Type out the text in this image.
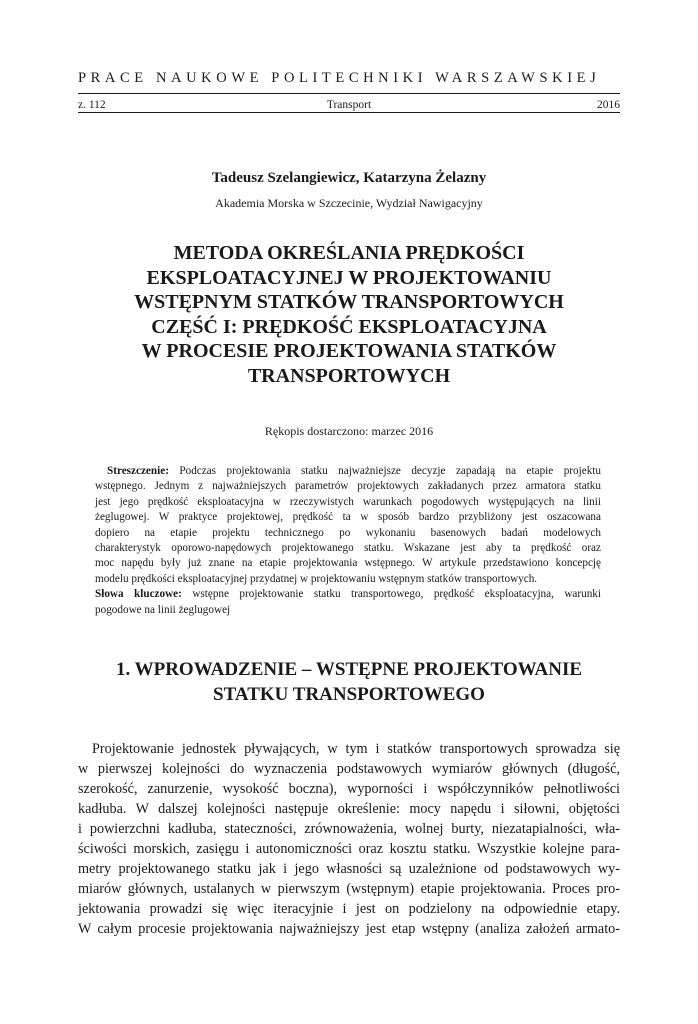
PRACE NAUKOWE POLITECHNIKI WARSZAWSKIEJ
z. 112	Transport	2016
Tadeusz Szelangiewicz, Katarzyna Żelazny
Akademia Morska w Szczecinie, Wydział Nawigacyjny
METODA OKREŚLANIA PRĘDKOŚCI
EKSPLOATACYJNEJ W PROJEKTOWANIU
WSTĘPNYM STATKÓW TRANSPORTOWYCH
CZĘŚĆ I: PRĘDKOŚĆ EKSPLOATACYJNA
W PROCESIE PROJEKTOWANIA STATKÓW
TRANSPORTOWYCH
Rękopis dostarczono: marzec 2016
Streszczenie: Podczas projektowania statku najważniejsze decyzje zapadają na etapie projektu
wstępnego. Jednym z najważniejszych parametrów projektowych zakładanych przez armatora statku
jest jego prędkość eksploatacyjna w rzeczywistych warunkach pogodowych występujących na linii
żeglugowej. W praktyce projektowej, prędkość ta w sposób bardzo przybliżony jest oszacowana
dopiero na etapie projektu technicznego po wykonaniu basenowych badań modelowych
charakterystyk oporowo-napędowych projektowanego statku. Wskazane jest aby ta prędkość oraz
moc napędu były już znane na etapie projektowania wstępnego. W artykule przedstawiono koncepcję
modelu prędkości eksploatacyjnej przydatnej w projektowaniu wstępnym statków transportowych.
Słowa kluczowe: wstępne projektowanie statku transportowego, prędkość eksploatacyjna, warunki
pogodowe na linii żeglugowej
1. WPROWADZENIE – WSTĘPNE PROJEKTOWANIE
STATKU TRANSPORTOWEGO
Projektowanie jednostek pływających, w tym i statków transportowych sprowadza się
w pierwszej kolejności do wyznaczenia podstawowych wymiarów głównych (długość,
szerokość, zanurzenie, wysokość boczna), wyporności i współczynników pełnotliwości
kadłuba. W dalszej kolejności następuje określenie: mocy napędu i siłowni, objętości
i powierzchni kadłuba, stateczności, zrównoważenia, wolnej burty, niezatapialności, wła-
ściwości morskich, zasięgu i autonomiczności oraz kosztu statku. Wszystkie kolejne para-
metry projektowanego statku jak i jego własności są uzależnione od podstawowych wy-
miarów głównych, ustalanych w pierwszym (wstępnym) etapie projektowania. Proces pro-
jektowania prowadzi się więc iteracyjnie i jest on podzielony na odpowiednie etapy.
W całym procesie projektowania najważniejszy jest etap wstępny (analiza założeń armato-
